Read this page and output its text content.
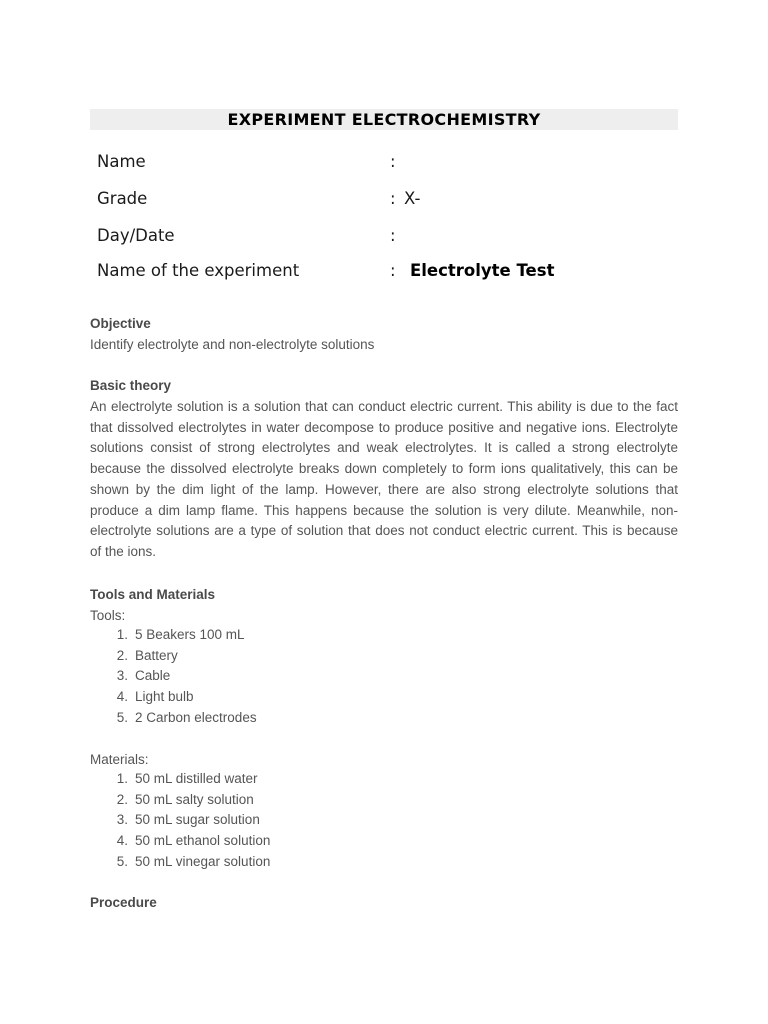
EXPERIMENT ELECTROCHEMISTRY
Name	:
Grade	: X-
Day/Date	:
Name of the experiment	: Electrolyte Test
Objective
Identify electrolyte and non-electrolyte solutions
Basic theory
An electrolyte solution is a solution that can conduct electric current. This ability is due to the fact that dissolved electrolytes in water decompose to produce positive and negative ions. Electrolyte solutions consist of strong electrolytes and weak electrolytes. It is called a strong electrolyte because the dissolved electrolyte breaks down completely to form ions qualitatively, this can be shown by the dim light of the lamp. However, there are also strong electrolyte solutions that produce a dim lamp flame. This happens because the solution is very dilute. Meanwhile, non-electrolyte solutions are a type of solution that does not conduct electric current. This is because of the ions.
Tools and Materials
Tools:
1. 5 Beakers 100 mL
2. Battery
3. Cable
4. Light bulb
5. 2 Carbon electrodes
Materials:
1. 50 mL distilled water
2. 50 mL salty solution
3. 50 mL sugar solution
4. 50 mL ethanol solution
5. 50 mL vinegar solution
Procedure
